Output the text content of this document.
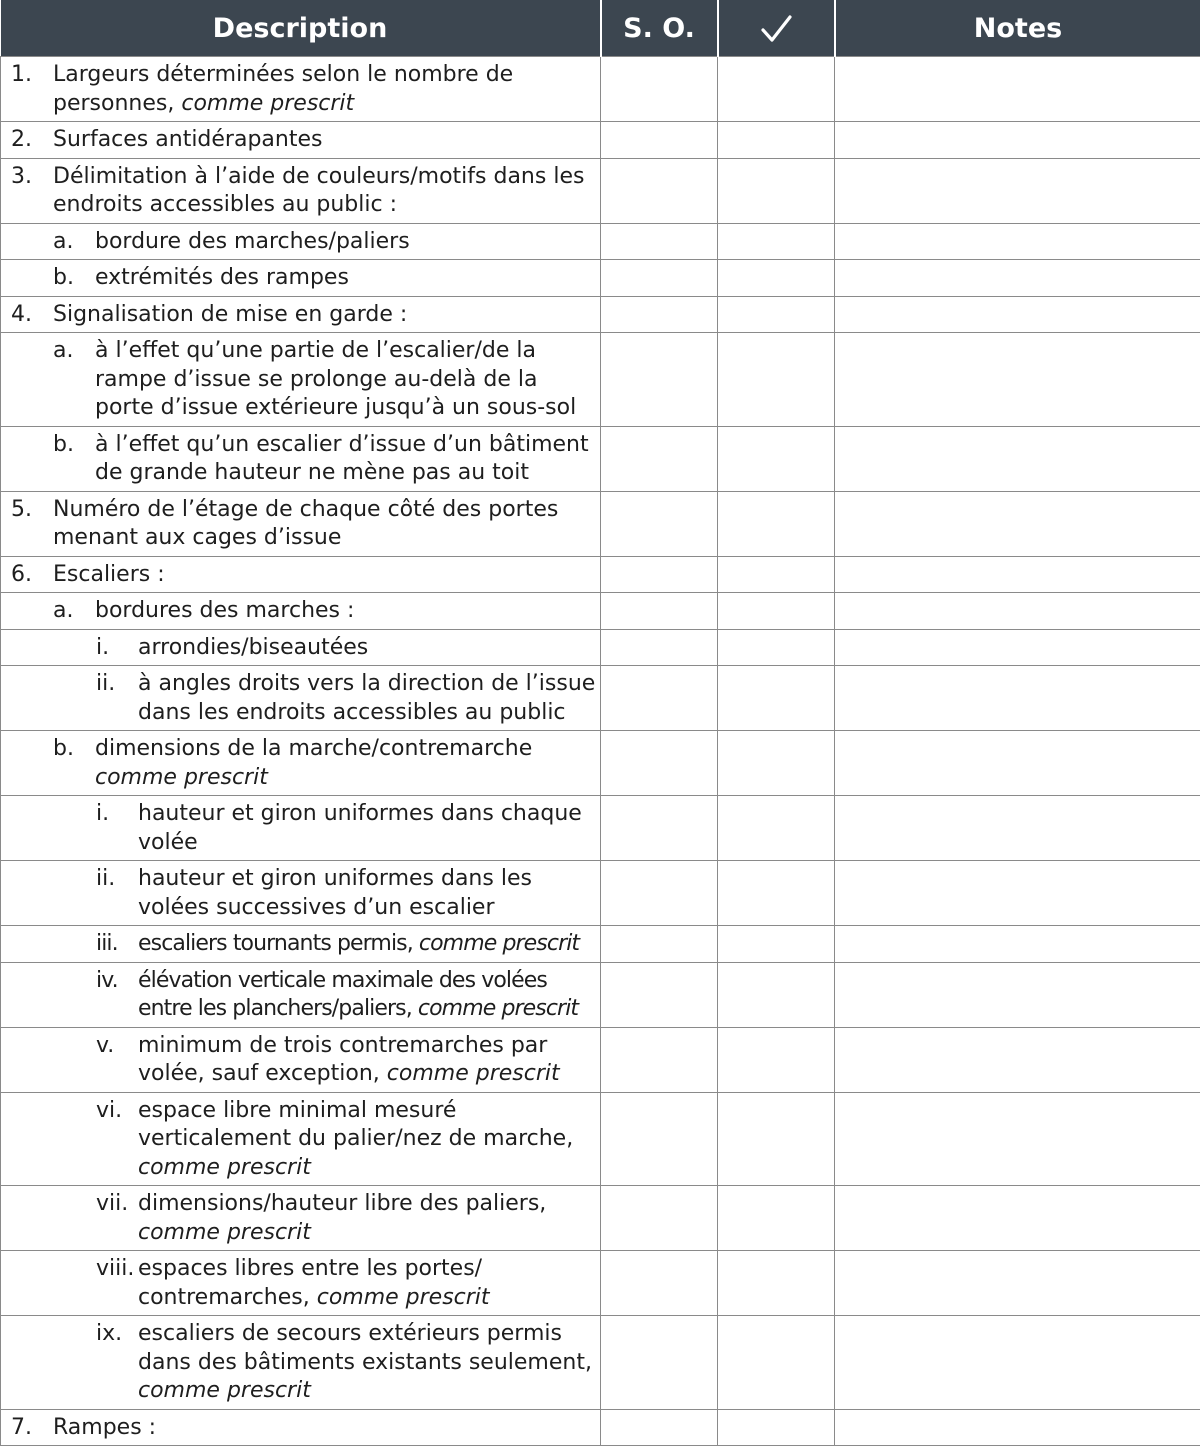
Description	S. O.		Notes

1. Largeurs déterminées selon le nombre de personnes, comme prescrit			

2. Surfaces antidérapantes			

3. Délimitation à l’aide de couleurs/motifs dans les endroits accessibles au public :			

a. bordure des marches/paliers			

b. extrémités des rampes			

4. Signalisation de mise en garde :			

a. à l’effet qu’une partie de l’escalier/de la rampe d’issue se prolonge au-delà de la porte d’issue extérieure jusqu’à un sous-sol			

b. à l’effet qu’un escalier d’issue d’un bâtiment de grande hauteur ne mène pas au toit			

5. Numéro de l’étage de chaque côté des portes menant aux cages d’issue			

6. Escaliers :			

a. bordures des marches :			

i. arrondies/biseautées			

ii. à angles droits vers la direction de l’issue dans les endroits accessibles au public			

b. dimensions de la marche/contremarche comme prescrit			

i. hauteur et giron uniformes dans chaque volée			

ii. hauteur et giron uniformes dans les volées successives d’un escalier			

iii. escaliers tournants permis, comme prescrit			

iv. élévation verticale maximale des volées entre les planchers/paliers, comme prescrit			

v. minimum de trois contremarches par volée, sauf exception, comme prescrit			

vi. espace libre minimal mesuré verticalement du palier/nez de marche, comme prescrit			

vii. dimensions/hauteur libre des paliers, comme prescrit			

viii. espaces libres entre les portes/ contremarches, comme prescrit			

ix. escaliers de secours extérieurs permis dans des bâtiments existants seulement, comme prescrit			

7. Rampes :			
